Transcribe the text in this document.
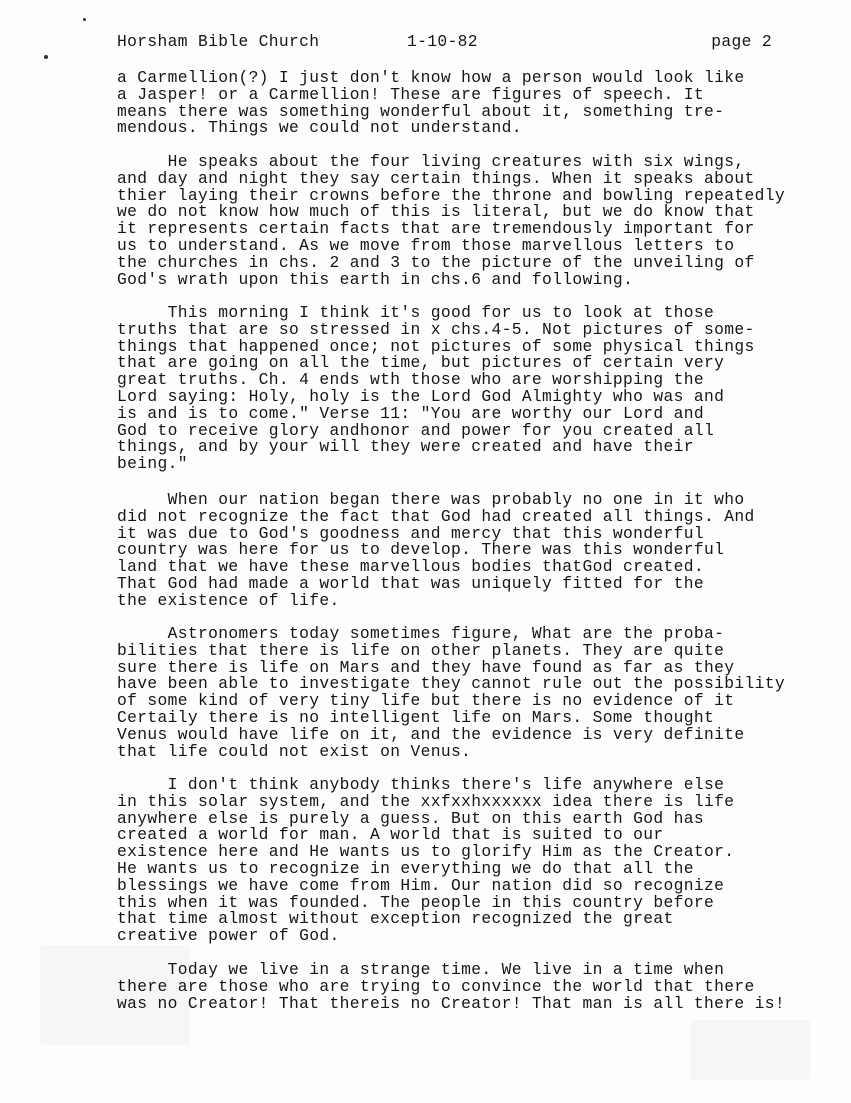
Horsham Bible Church	1-10-82	page 2
a Carmellion(?) I just don't know how a person would look like
a Jasper! or a Carmellion! These are figures of speech. It
means there was something wonderful about it, something tre-
mendous. Things we could not understand.
He speaks about the four living creatures with six wings,
and day and night they say certain things. When it speaks about
thier laying their crowns before the throne and bowling repeatedly
we do not know how much of this is literal, but we do know that
it represents certain facts that are tremendously important for
us to understand. As we move from those marvellous letters to
the churches in chs. 2 and 3 to the picture of the unveiling of
God's wrath upon this earth in chs.6 and following.
This morning I think it's good for us to look at those
truths that are so stressed in x chs.4-5. Not pictures of some-
things that happened once; not pictures of some physical things
that are going on all the time, but pictures of certain very
great truths. Ch. 4 ends wth those who are worshipping the
Lord saying: Holy, holy is the Lord God Almighty who was and
is and is to come." Verse 11: "You are worthy our Lord and
God to receive glory andhonor and power for you created all
things, and by your will they were created and have their
being."
When our nation began there was probably no one in it who
did not recognize the fact that God had created all things. And
it was due to God's goodness and mercy that this wonderful
country was here for us to develop. There was this wonderful
land that we have these marvellous bodies thatGod created.
That God had made a world that was uniquely fitted for the
the existence of life.
Astronomers today sometimes figure, What are the proba-
bilities that there is life on other planets. They are quite
sure there is life on Mars and they have found as far as they
have been able to investigate they cannot rule out the possibility
of some kind of very tiny life but there is no evidence of it
Certaily there is no intelligent life on Mars. Some thought
Venus would have life on it, and the evidence is very definite
that life could not exist on Venus.
I don't think anybody thinks there's life anywhere else
in this solar system, and the xxfxxhxxxxxx idea there is life
anywhere else is purely a guess. But on this earth God has
created a world for man. A world that is suited to our
existence here and He wants us to glorify Him as the Creator.
He wants us to recognize in everything we do that all the
blessings we have come from Him. Our nation did so recognize
this when it was founded. The people in this country before
that time almost without exception recognized the great
creative power of God.
Today we live in a strange time. We live in a time when
there are those who are trying to convince the world that there
was no Creator! That thereis no Creator! That man is all there is!
